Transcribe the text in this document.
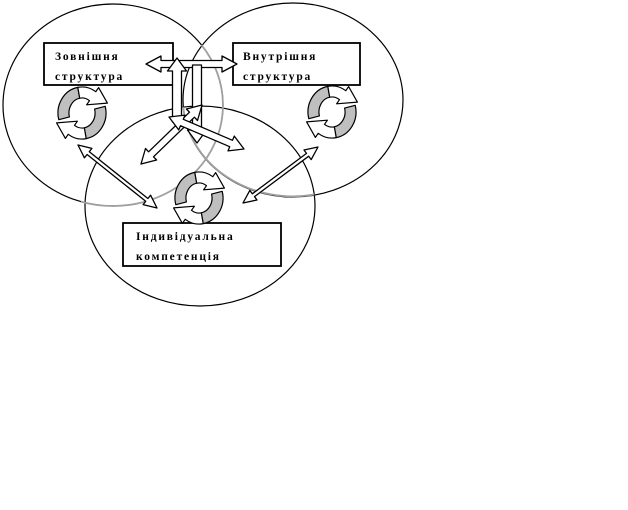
Зовнішня
структура
Внутрішня
структура
Індивідуальна
компетенція
